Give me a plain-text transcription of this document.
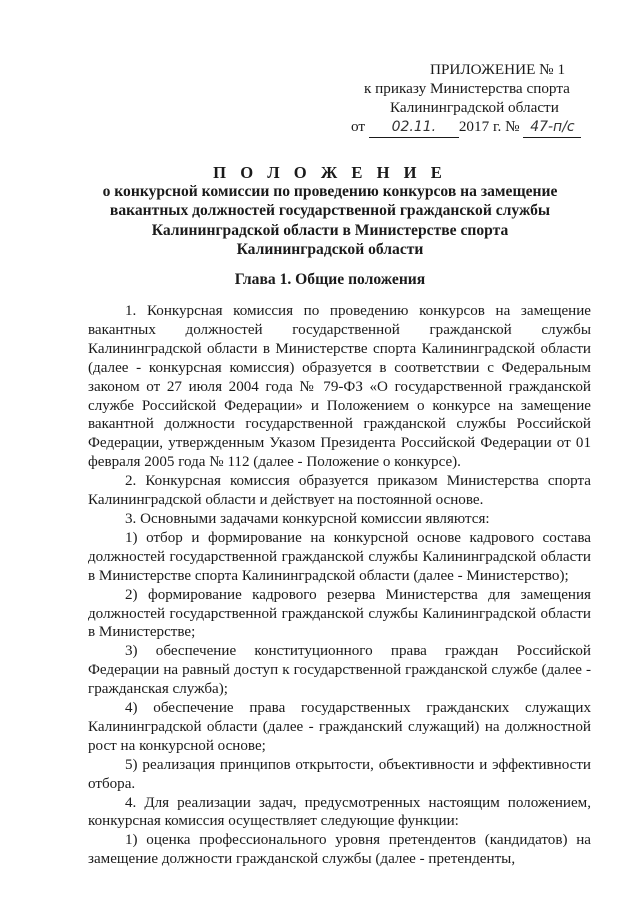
ПРИЛОЖЕНИЕ № 1
к приказу Министерства спорта
Калининградской области
от 02.11. 2017 г. № 47-п/с
П О Л О Ж Е Н И Е
о конкурсной комиссии по проведению конкурсов на замещение
вакантных должностей государственной гражданской службы
Калининградской области в Министерстве спорта
Калининградской области
Глава 1. Общие положения

1. Конкурсная комиссия по проведению конкурсов на замещение вакантных должностей государственной гражданской службы Калининградской области в Министерстве спорта Калининградской области (далее - конкурсная комиссия) образуется в соответствии с Федеральным законом от 27 июля 2004 года № 79-ФЗ «О государственной гражданской службе Российской Федерации» и Положением о конкурсе на замещение вакантной должности государственной гражданской службы Российской Федерации, утвержденным Указом Президента Российской Федерации от 01 февраля 2005 года № 112 (далее - Положение о конкурсе).

2. Конкурсная комиссия образуется приказом Министерства спорта Калининградской области и действует на постоянной основе.

3. Основными задачами конкурсной комиссии являются:

1) отбор и формирование на конкурсной основе кадрового состава должностей государственной гражданской службы Калининградской области в Министерстве спорта Калининградской области (далее - Министерство);

2) формирование кадрового резерва Министерства для замещения должностей государственной гражданской службы Калининградской области в Министерстве;

3) обеспечение конституционного права граждан Российской Федерации на равный доступ к государственной гражданской службе (далее - гражданская служба);

4) обеспечение права государственных гражданских служащих Калининградской области (далее - гражданский служащий) на должностной рост на конкурсной основе;

5) реализация принципов открытости, объективности и эффективности отбора.

4. Для реализации задач, предусмотренных настоящим положением, конкурсная комиссия осуществляет следующие функции:

1) оценка профессионального уровня претендентов (кандидатов) на замещение должности гражданской службы (далее - претенденты,
